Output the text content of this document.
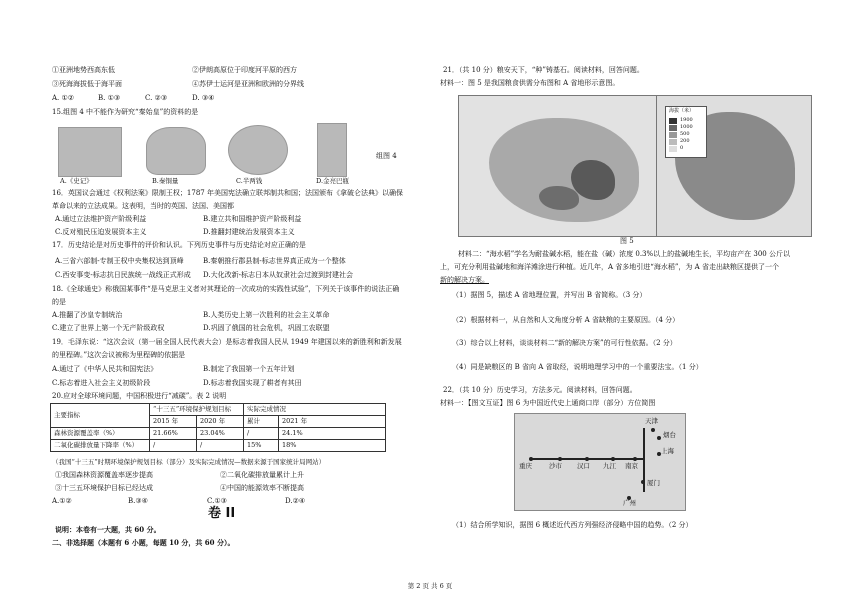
①亚洲地势西高东低	②伊朗高原位于印度河平原的西方
③死海海拔低于海平面	④苏伊士运河是亚洲和欧洲的分界线
A. ①②	B. ①③	C. ②③	D. ③④
15.组图 4 中不能作为研究“秦始皇”的资料的是
A.《史记》	B.秦铜量	C.半两钱	D.金亮巴瓶
组图 4
16．英国议会通过《权利法案》限制王权；1787 年美国宪法确立联邦制共和国；法国颁布《拿破仑法典》以确保
革命以来的立法成果。这表明，当时的英国、法国、美国都
A.通过立法维护资产阶级利益	B.建立共和国维护资产阶级利益
C.反对殖民压迫发展资本主义	D.推翻封建统治发展资本主义
17．历史结论是对历史事件的评价和认识。下列历史事件与历史结论对应正确的是
A.三省六部制-专制王权中央集权达到顶峰	B.秦朝推行郡县制-标志世界真正成为一个整体
C.西安事变-标志抗日民族统一战线正式形成 D.大化改新-标志日本从奴隶社会过渡到封建社会
18.《全球通史》称俄国某事件“是马克思主义者对其理论的一次成功的实践性试验”，下列关于该事件的说法正确
的是
A.推翻了沙皇专制统治	B.人类历史上第一次胜利的社会主义革命
C.建立了世界上第一个无产阶级政权	D.巩固了俄国的社会危机，巩固工农联盟
19．毛泽东说：“这次会议（第一届全国人民代表大会）是标志着我国人民从 1949 年建国以来的新胜利和新发展
的里程碑。”这次会议被称为里程碑的依据是
A.通过了《中华人民共和国宪法》	B.制定了我国第一个五年计划
C.标志着进入社会主义初级阶段	D.标志着我国实现了耕者有其田
20.应对全球环境问题，中国积极进行“减碳”。表 2 说明
主要指标	“十三五”环境保护规划目标		实际完成情况	
	2015 年	2020 年	累计	2021 年
森林资源覆盖率（%）	21.66%	23.04%	/	24.1%
二氧化碳排放量下降率（%）	/	/	15%	18%
（我国“十三五”时期环境保护规划目标（部分）及实际完成情况—数据来源于国家统计局网站）
①我国森林资源覆盖率逐步提高	②二氧化碳排放量累计上升
③十三五环境保护目标已经达成	④中国的能源效率不断提高
A.①②	B.③④	C.①③	D.②④
卷 II
说明：本卷有一大题，共 60 分。
二、非选择题（本题有 6 小题，每题 10 分，共 60 分）。
21．（共 10 分）粮安天下，“种”铸基石。阅读材料，回答问题。
材料一：图 5 是我国粮食供需分布图和 A 省地形示意图。
海拔（米）
1900
1000
500
200
0
图 5
材料二：“海水稻”学名为耐盐碱水稻，能在盐（碱）浓度 0.3%以上的盐碱地生长，平均亩产在 300 公斤以
上，可充分利用盐碱地和海洋滩涂进行种植。近几年，A 省多地引进“海水稻”，为 A 省走出缺粮区提供了一个
新的解决方案。
（1）据图 5，描述 A 省地理位置，并写出 B 省简称。（3 分）
（2）根据材料一，从自然和人文角度分析 A 省缺粮的主要原因。（4 分）
（3）综合以上材料，谈谈材料二“新的解决方案”的可行性依据。（2 分）
（4）同是缺粮区的 B 省向 A 省取经，说明地理学习中的一个重要法宝。（1 分）
22．（共 10 分）历史学习，方法多元。阅读材料，回答问题。
材料一：【图文互证】图 6 为中国近代史上通商口岸（部分）方位简图
天津
烟台
上海
重庆	沙市 汉口 九江 南京
厦门
广州
（1）结合所学知识，据图 6 概述近代西方列强经济侵略中国的趋势。（2 分）
第 2 页 共 6 页
